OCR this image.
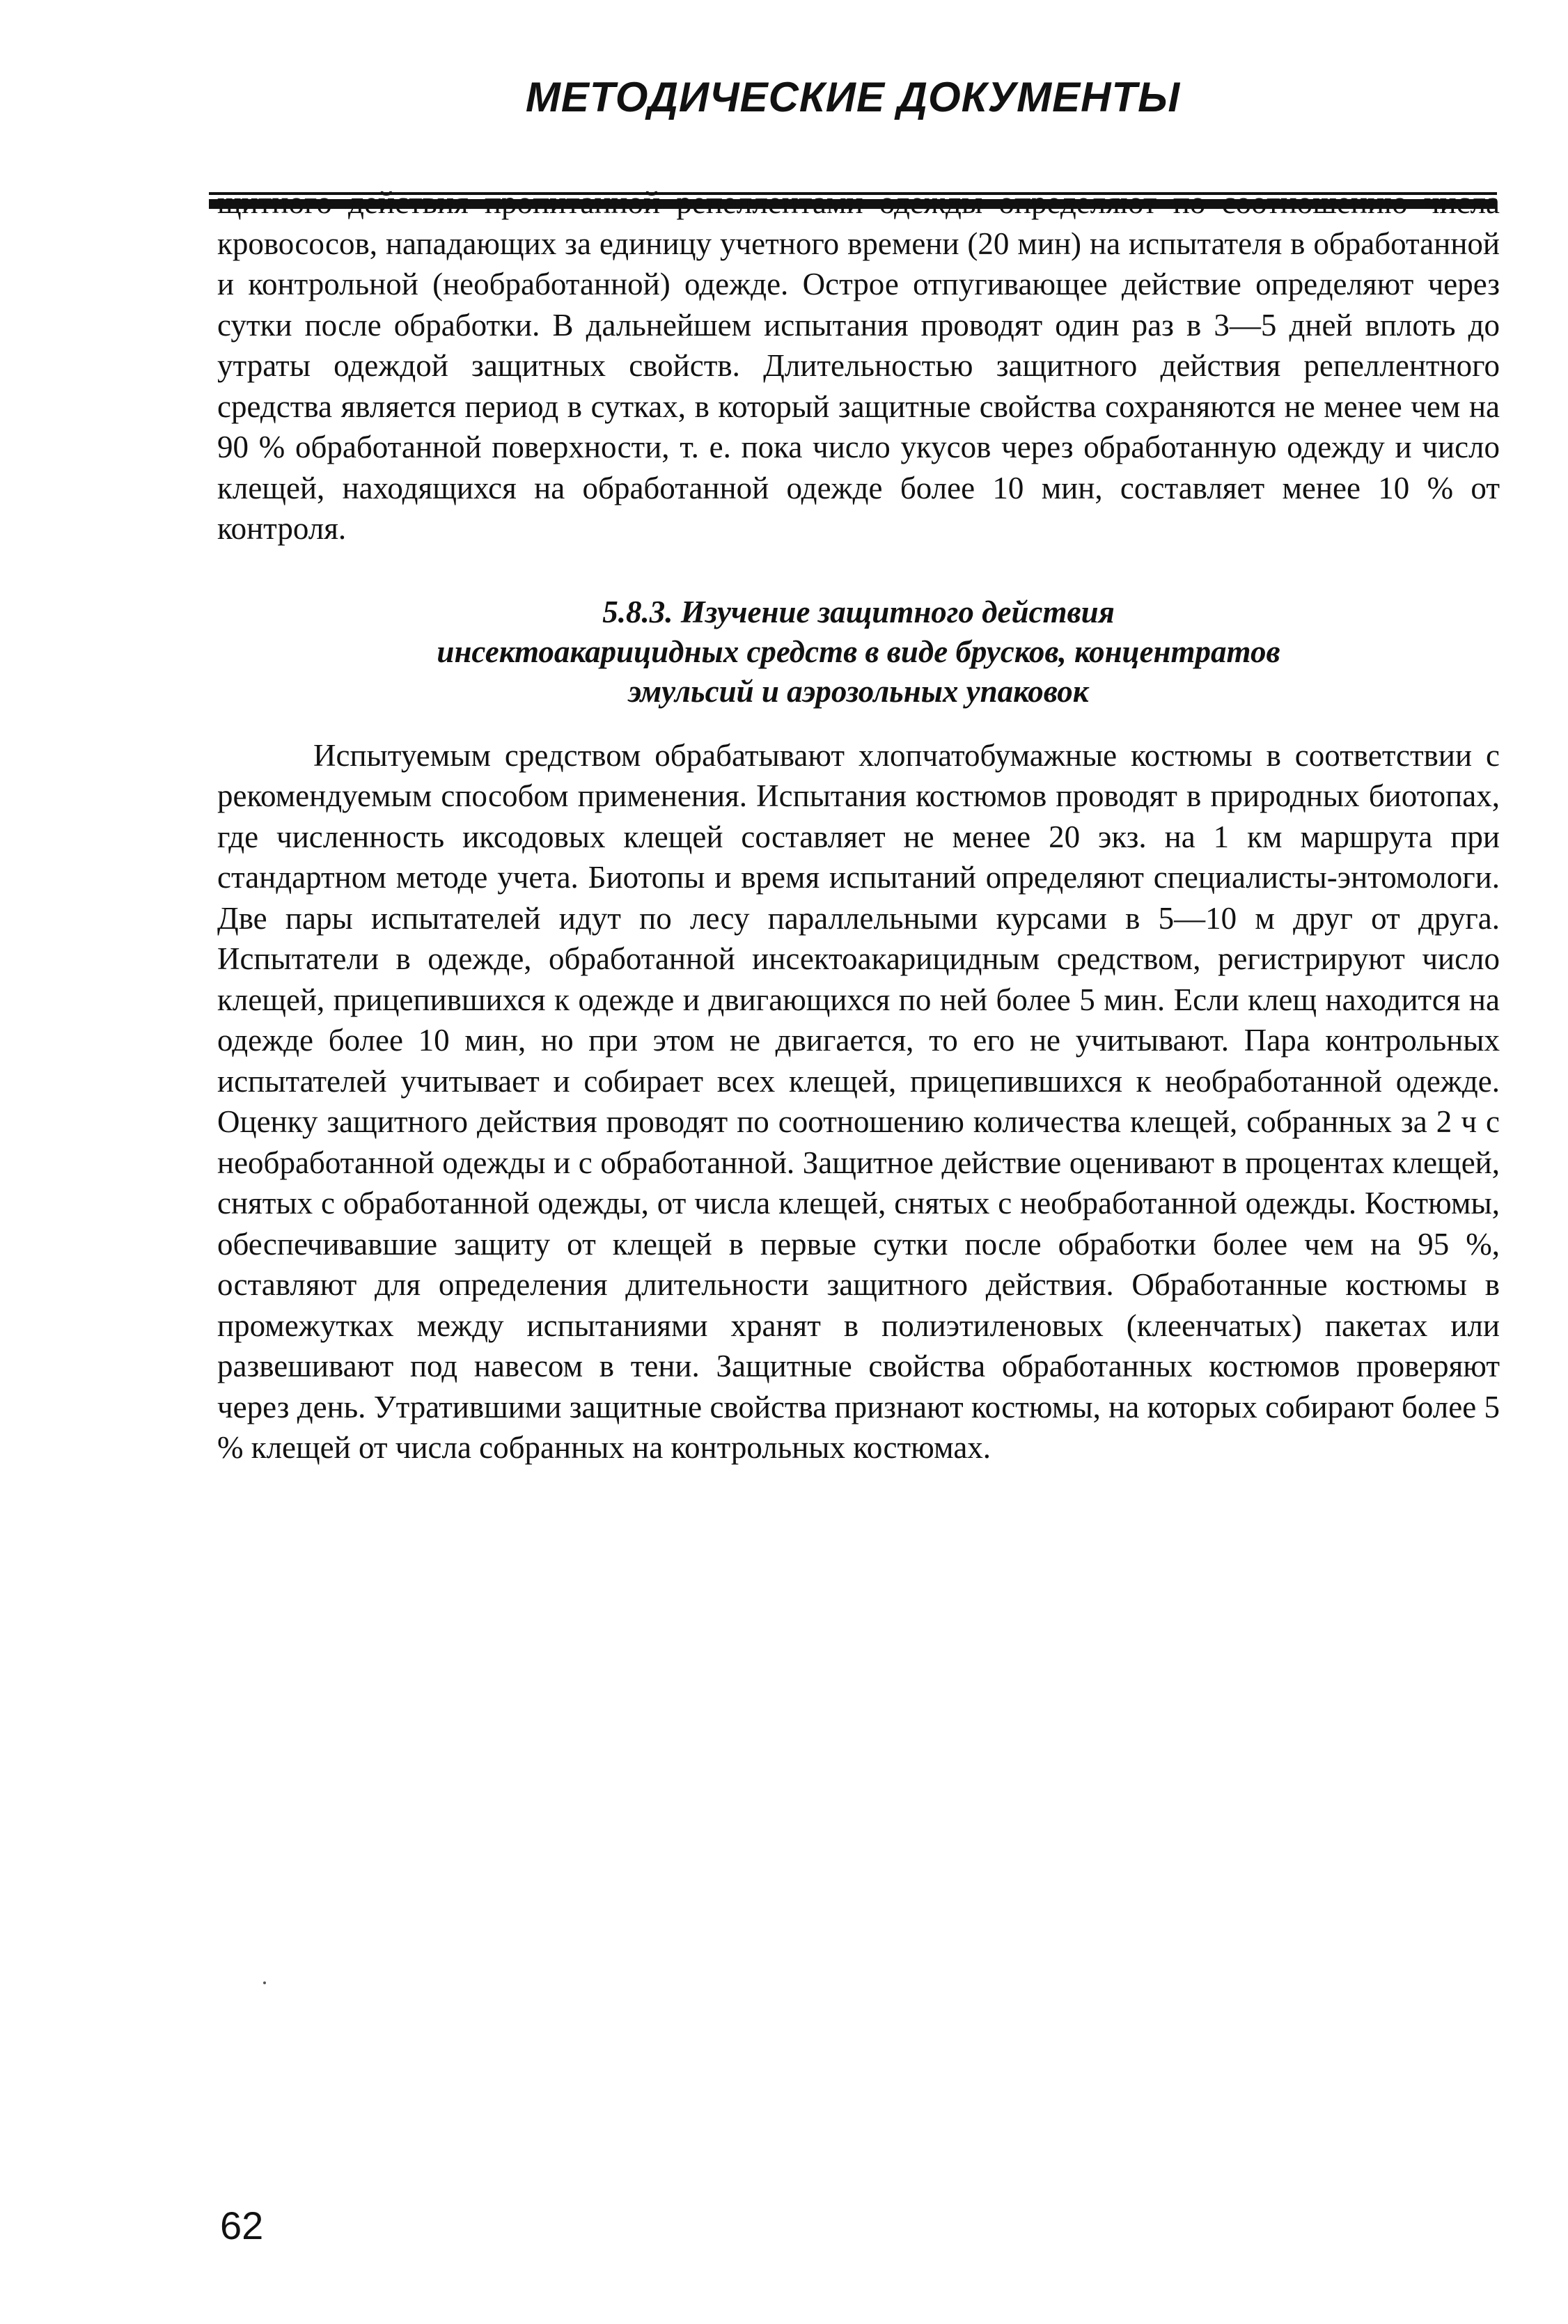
МЕТОДИЧЕСКИЕ ДОКУМЕНТЫ

щитного действия пропитанной репеллентами одежды определяют по соотношению числа кровососов, нападающих за единицу учетного времени (20 мин) на испытателя в обработанной и контрольной (необработанной) одежде. Острое отпугивающее действие определяют через сутки после обработки. В дальнейшем испытания проводят один раз в 3—5 дней вплоть до утраты одеждой защитных свойств. Длительностью защитного действия репеллентного средства является период в сутках, в который защитные свойства сохраняются не менее чем на 90 % обработанной поверхности, т. е. пока число укусов через обработанную одежду и число клещей, находящихся на обработанной одежде более 10 мин, составляет менее 10 % от контроля.

5.8.3. Изучение защитного действия
инсектоакарицидных средств в виде брусков, концентратов
эмульсий и аэрозольных упаковок

Испытуемым средством обрабатывают хлопчатобумажные костюмы в соответствии с рекомендуемым способом применения. Испытания костюмов проводят в природных биотопах, где численность иксодовых клещей составляет не менее 20 экз. на 1 км маршрута при стандартном методе учета. Биотопы и время испытаний определяют специалисты-энтомологи. Две пары испытателей идут по лесу параллельными курсами в 5—10 м друг от друга. Испытатели в одежде, обработанной инсектоакарицидным средством, регистрируют число клещей, прицепившихся к одежде и двигающихся по ней более 5 мин. Если клещ находится на одежде более 10 мин, но при этом не двигается, то его не учитывают. Пара контрольных испытателей учитывает и собирает всех клещей, прицепившихся к необработанной одежде. Оценку защитного действия проводят по соотношению количества клещей, собранных за 2 ч с необработанной одежды и с обработанной. Защитное действие оценивают в процентах клещей, снятых с обработанной одежды, от числа клещей, снятых с необработанной одежды. Костюмы, обеспечивавшие защиту от клещей в первые сутки после обработки более чем на 95 %, оставляют для определения длительности защитного действия. Обработанные костюмы в промежутках между испытаниями хранят в полиэтиленовых (клеенчатых) пакетах или развешивают под навесом в тени. Защитные свойства обработанных костюмов проверяют через день. Утратившими защитные свойства признают костюмы, на которых собирают более 5 % клещей от числа собранных на контрольных костюмах.

62
